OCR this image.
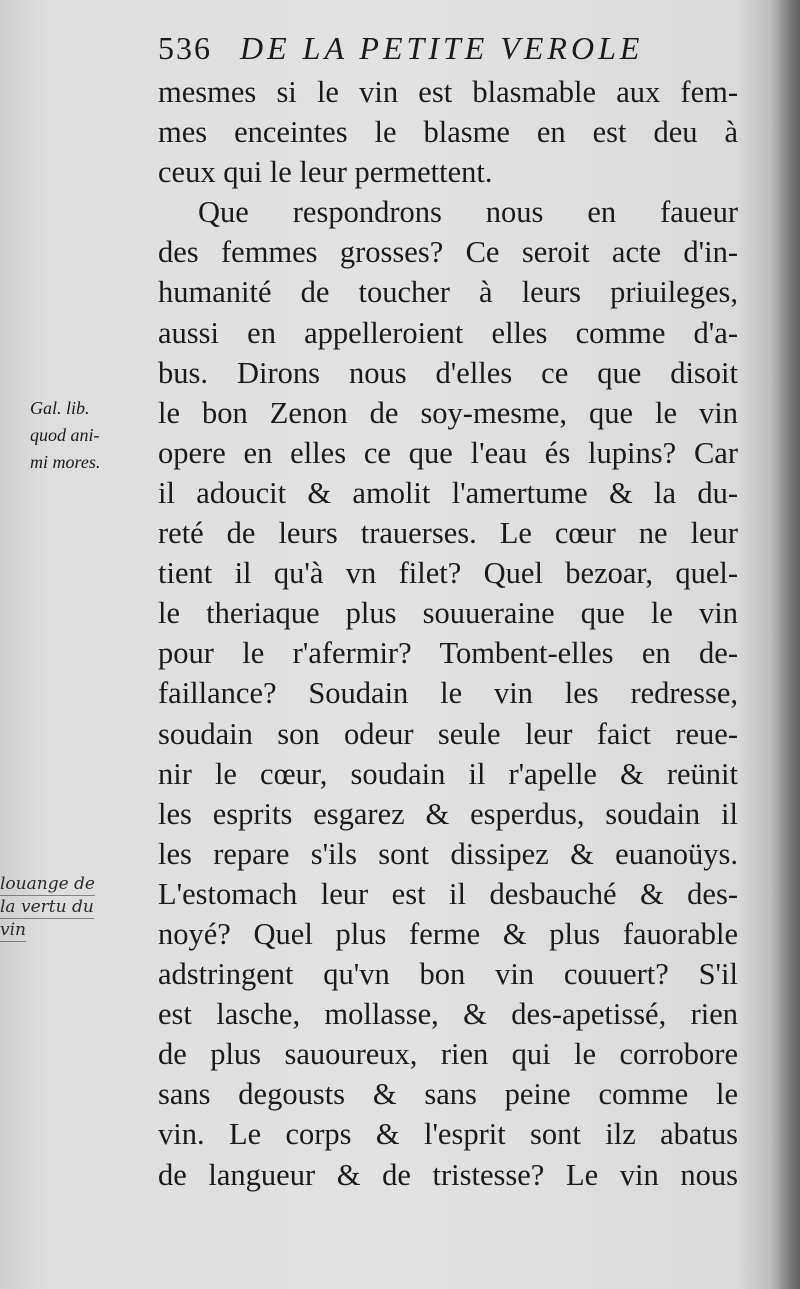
536 DE LA PETITE VEROLE
Gal. lib.
quod ani-
mi mores.
louange de
la vertu du
vin
mesmes si le vin est blasmable aux fem-
mes enceintes le blasme en est deu à
ceux qui le leur permettent.
Que respondrons nous en faueur
des femmes grosses? Ce seroit acte d'in-
humanité de toucher à leurs priuileges,
aussi en appelleroient elles comme d'a-
bus. Dirons nous d'elles ce que disoit
le bon Zenon de soy-mesme, que le vin
opere en elles ce que l'eau és lupins? Car
il adoucit & amolit l'amertume & la du-
reté de leurs trauerses. Le cœur ne leur
tient il qu'à vn filet? Quel bezoar, quel-
le theriaque plus souueraine que le vin
pour le r'afermir? Tombent-elles en de-
faillance? Soudain le vin les redresse,
soudain son odeur seule leur faict reue-
nir le cœur, soudain il r'apelle & reünit
les esprits esgarez & esperdus, soudain il
les repare s'ils sont dissipez & euanoüys.
L'estomach leur est il desbauché & des-
noyé? Quel plus ferme & plus fauorable
adstringent qu'vn bon vin couuert? S'il
est lasche, mollasse, & des-apetissé, rien
de plus sauoureux, rien qui le corrobore
sans degousts & sans peine comme le
vin. Le corps & l'esprit sont ilz abatus
de langueur & de tristesse? Le vin nous
